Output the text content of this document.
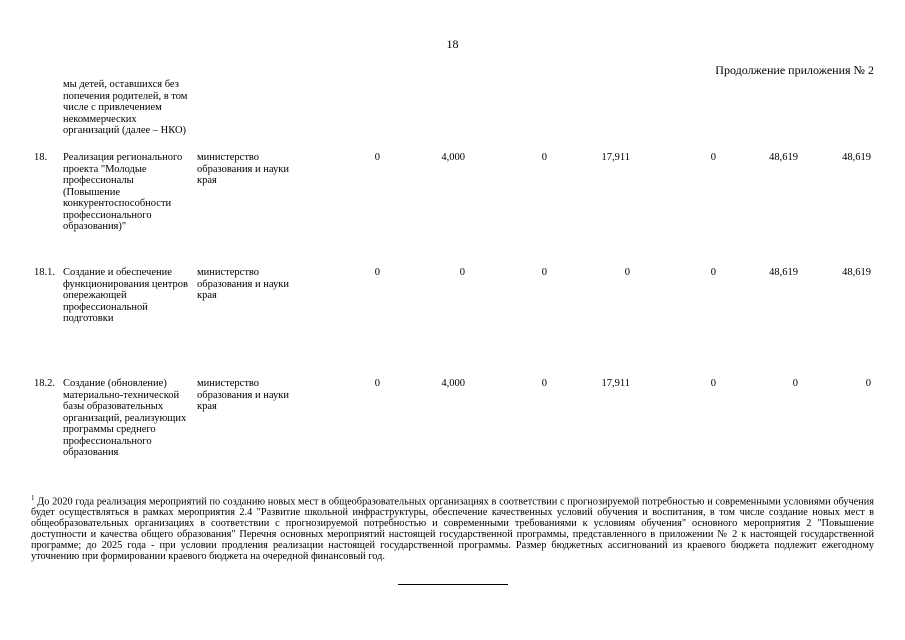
18
Продолжение приложения № 2
мы детей, оставшихся без попечения родителей, в том числе с привлечением некоммерческих организаций (далее – НКО)
18. Реализация регионального проекта "Молодые профессионалы (Повышение конкурентоспособности профессионального образования)"
министерство образования и науки края
0	4,000	0	17,911	0	48,619	48,619
18.1. Создание и обеспечение функционирования центров опережающей профессиональной подготовки
министерство образования и науки края
0	0	0	0	0	48,619	48,619
18.2. Создание (обновление) материально-технической базы образовательных организаций, реализующих программы среднего профессионального образования
министерство образования и науки края
0	4,000	0	17,911	0	0	0
$^1$ До 2020 года реализация мероприятий по созданию новых мест в общеобразовательных организациях в соответствии с прогнозируемой потребностью и современными условиями обучения будет осуществляться в рамках мероприятия 2.4 "Развитие школьной инфраструктуры, обеспечение качественных условий обучения и воспитания, в том числе создание новых мест в общеобразовательных организациях в соответствии с прогнозируемой потребностью и современными требованиями к условиям обучения" основного мероприятия 2 "Повышение доступности и качества общего образования" Перечня основных мероприятий настоящей государственной программы, представленного в приложении № 2 к настоящей государственной программе; до 2025 года - при условии продления реализации настоящей государственной программы. Размер бюджетных ассигнований из краевого бюджета подлежит ежегодному уточнению при формировании краевого бюджета на очередной финансовый год.
